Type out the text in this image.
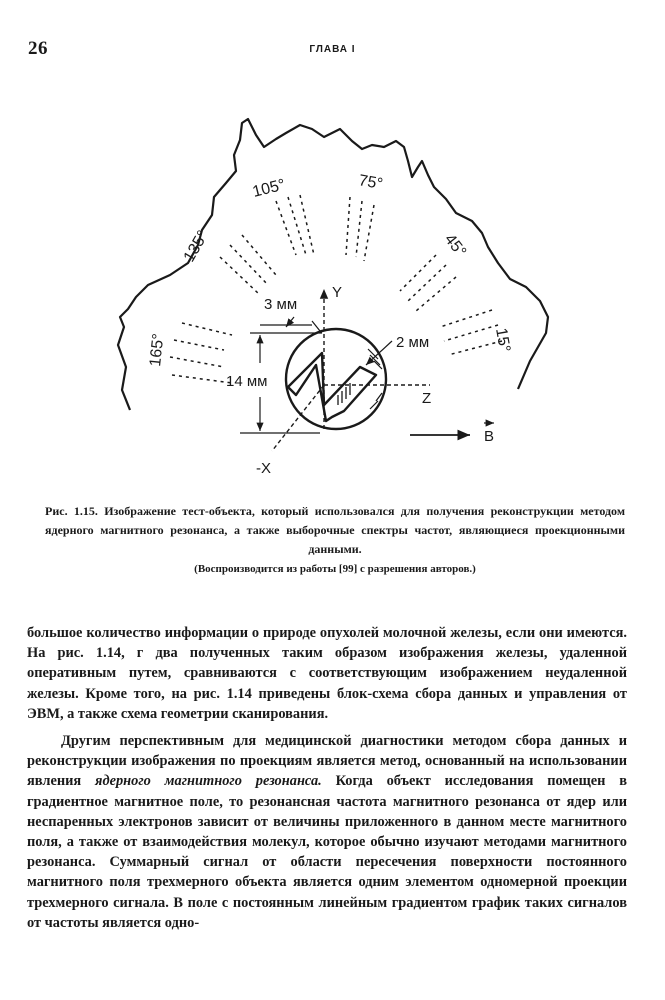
26	ГЛАВА I
105°	75°
135°	45°
165°	15°
Y
Z
-X
3 мм
2 мм
14 мм
B
Рис. 1.15. Изображение тест-объекта, который использовался для получения реконструкции методом ядерного магнитного резонанса, а также выборочные спектры частот, являющиеся проекционными данными.
(Воспроизводится из работы [99] с разрешения авторов.)

большое количество информации о природе опухолей молочной железы, если они имеются. На рис. 1.14, г два полученных таким образом изображения железы, удаленной оперативным путем, сравниваются с соответствующим изображением неудаленной железы. Кроме того, на рис. 1.14 приведены блок-схема сбора данных и управления от ЭВМ, а также схема геометрии сканирования.

Другим перспективным для медицинской диагностики методом сбора данных и реконструкции изображения по проекциям является метод, основанный на использовании явления ядерного магнитного резонанса. Когда объект исследования помещен в градиентное магнитное поле, то резонансная частота магнитного резонанса от ядер или неспаренных электронов зависит от величины приложенного в данном месте магнитного поля, а также от взаимодействия молекул, которое обычно изучают методами магнитного резонанса. Суммарный сигнал от области пересечения поверхности постоянного магнитного поля трехмерного объекта является одним элементом одномерной проекции трехмерного сигнала. В поле с постоянным линейным градиентом график таких сигналов от частоты является одно-
